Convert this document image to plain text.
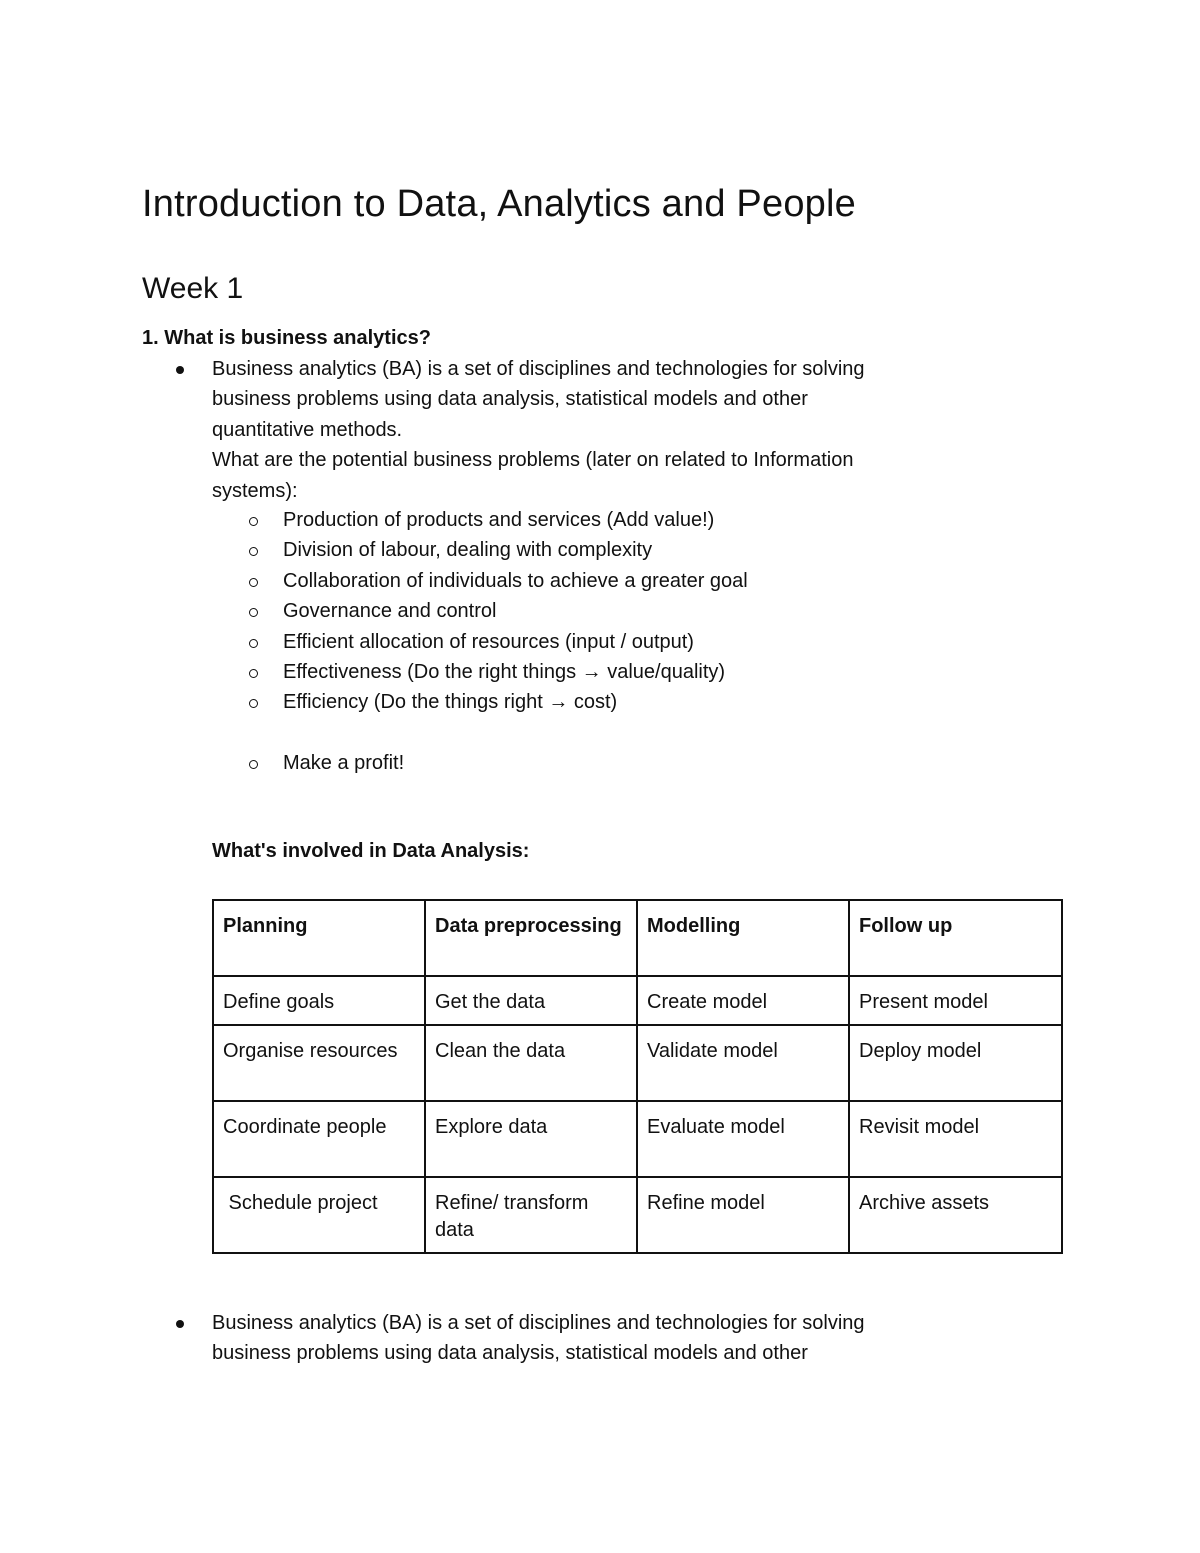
Introduction to Data, Analytics and People
Week 1
1. What is business analytics?
Business analytics (BA) is a set of disciplines and technologies for solving
business problems using data analysis, statistical models and other
quantitative methods.
What are the potential business problems (later on related to Information
systems):
Production of products and services (Add value!)
Division of labour, dealing with complexity
Collaboration of individuals to achieve a greater goal
Governance and control
Efficient allocation of resources (input / output)
Effectiveness (Do the right things → value/quality)
Efficiency (Do the things right → cost)
Make a profit!
What's involved in Data Analysis:
Planning	Data preprocessing	Modelling	Follow up
Define goals	Get the data	Create model	Present model
Organise resources	Clean the data	Validate model	Deploy model
Coordinate people	Explore data	Evaluate model	Revisit model
Schedule project	Refine/ transform data	Refine model	Archive assets
Business analytics (BA) is a set of disciplines and technologies for solving
business problems using data analysis, statistical models and other
